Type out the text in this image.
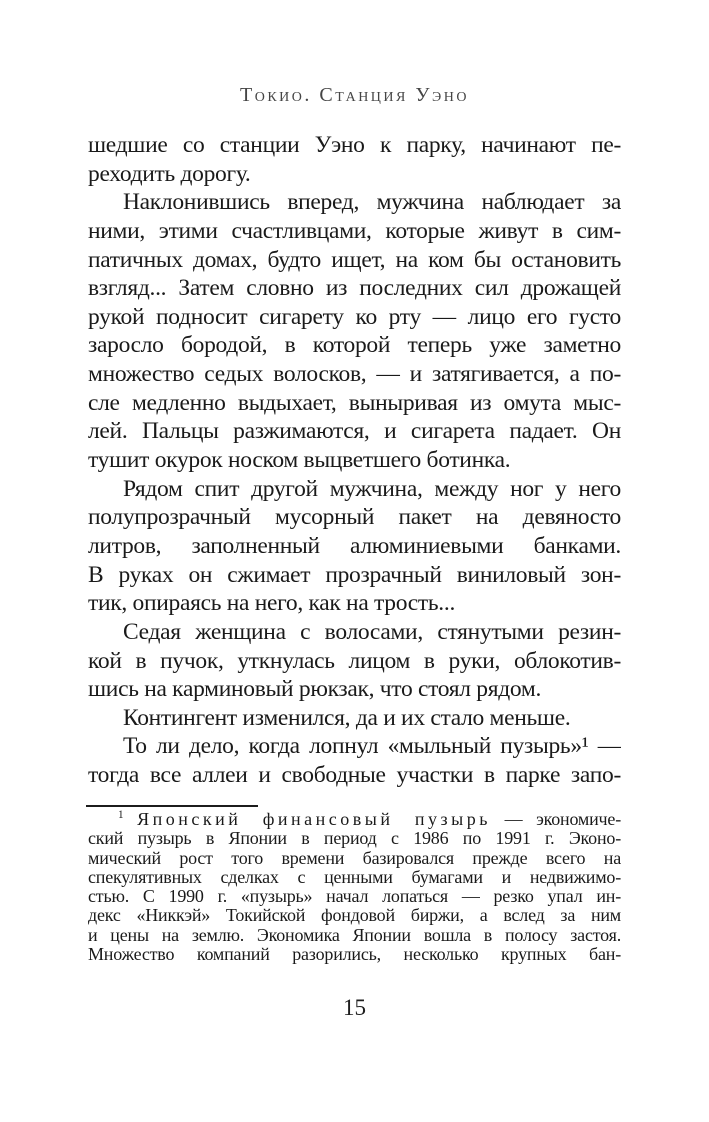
Токио. Станция Уэно
шедшие со станции Уэно к парку, начинают пе-
реходить дорогу.
Наклонившись вперед, мужчина наблюдает за
ними, этими счастливцами, которые живут в сим-
патичных домах, будто ищет, на ком бы остановить
взгляд... Затем словно из последних сил дрожащей
рукой подносит сигарету ко рту — лицо его густо
заросло бородой, в которой теперь уже заметно
множество седых волосков, — и затягивается, а по-
сле медленно выдыхает, выныривая из омута мыс-
лей. Пальцы разжимаются, и сигарета падает. Он
тушит окурок носком выцветшего ботинка.
Рядом спит другой мужчина, между ног у него
полупрозрачный мусорный пакет на девяносто
литров, заполненный алюминиевыми банками.
В руках он сжимает прозрачный виниловый зон-
тик, опираясь на него, как на трость...
Седая женщина с волосами, стянутыми резин-
кой в пучок, уткнулась лицом в руки, облокотив-
шись на карминовый рюкзак, что стоял рядом.
Контингент изменился, да и их стало меньше.
То ли дело, когда лопнул «мыльный пузырь»¹ —
тогда все аллеи и свободные участки в парке запо-
$^1$ Японский финансовый пузырь — экономиче-
ский пузырь в Японии в период с 1986 по 1991 г. Эконо-
мический рост того времени базировался прежде всего на
спекулятивных сделках с ценными бумагами и недвижимо-
стью. С 1990 г. «пузырь» начал лопаться — резко упал ин-
декс «Никкэй» Токийской фондовой биржи, а вслед за ним
и цены на землю. Экономика Японии вошла в полосу застоя.
Множество компаний разорились, несколько крупных бан-
15
